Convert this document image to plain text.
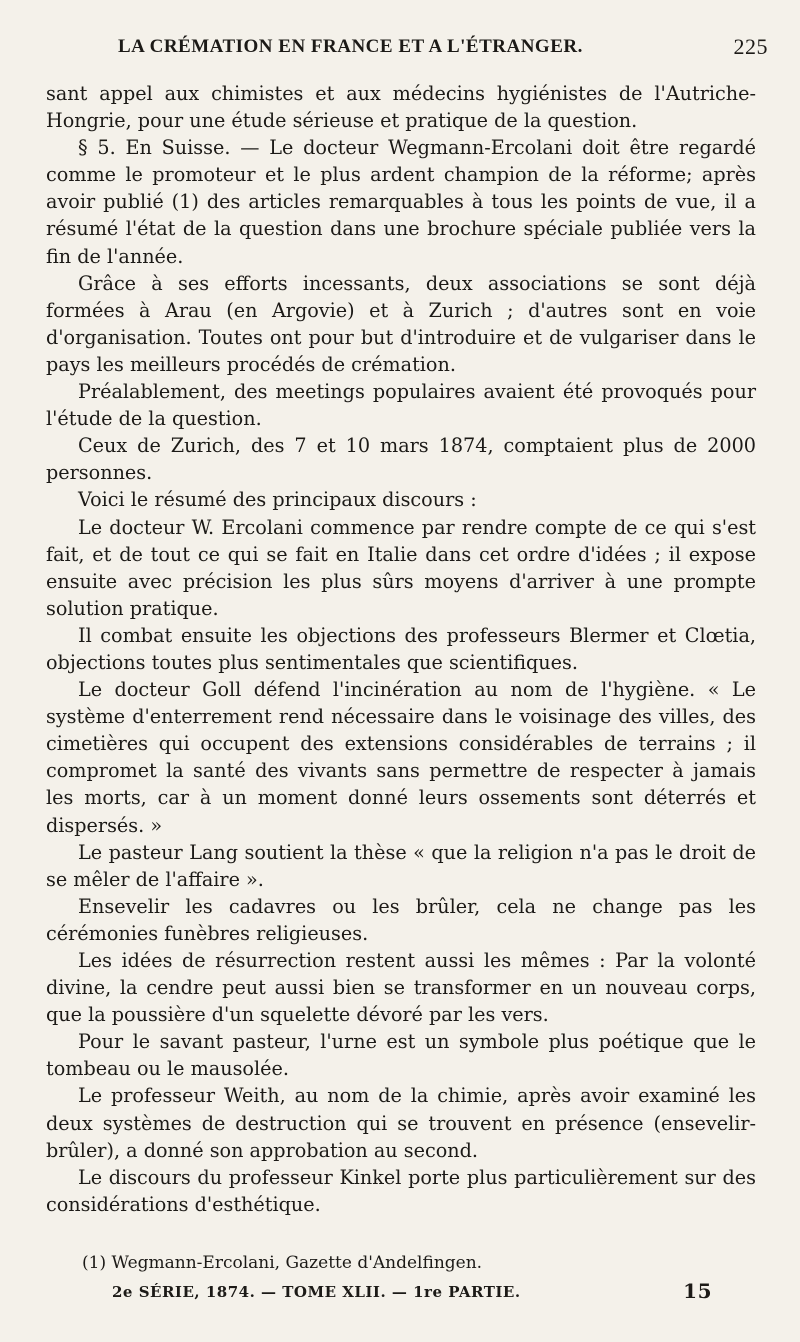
LA CRÉMATION EN FRANCE ET A L'ÉTRANGER.	225

sant appel aux chimistes et aux médecins hygiénistes de l'Autriche-Hongrie, pour une étude sérieuse et pratique de la question.

§ 5. En Suisse. — Le docteur Wegmann-Ercolani doit être regardé comme le promoteur et le plus ardent champion de la réforme; après avoir publié (1) des articles remarquables à tous les points de vue, il a résumé l'état de la question dans une brochure spéciale publiée vers la fin de l'année.

Grâce à ses efforts incessants, deux associations se sont déjà formées à Arau (en Argovie) et à Zurich ; d'autres sont en voie d'organisation. Toutes ont pour but d'introduire et de vulgariser dans le pays les meilleurs procédés de crémation.

Préalablement, des meetings populaires avaient été provoqués pour l'étude de la question.

Ceux de Zurich, des 7 et 10 mars 1874, comptaient plus de 2000 personnes.

Voici le résumé des principaux discours :

Le docteur W. Ercolani commence par rendre compte de ce qui s'est fait, et de tout ce qui se fait en Italie dans cet ordre d'idées ; il expose ensuite avec précision les plus sûrs moyens d'arriver à une prompte solution pratique.

Il combat ensuite les objections des professeurs Blermer et Clœtia, objections toutes plus sentimentales que scientifiques.

Le docteur Goll défend l'incinération au nom de l'hygiène. « Le système d'enterrement rend nécessaire dans le voisinage des villes, des cimetières qui occupent des extensions considérables de terrains ; il compromet la santé des vivants sans permettre de respecter à jamais les morts, car à un moment donné leurs ossements sont déterrés et dispersés. »

Le pasteur Lang soutient la thèse « que la religion n'a pas le droit de se mêler de l'affaire ».

Ensevelir les cadavres ou les brûler, cela ne change pas les cérémonies funèbres religieuses.

Les idées de résurrection restent aussi les mêmes : Par la volonté divine, la cendre peut aussi bien se transformer en un nouveau corps, que la poussière d'un squelette dévoré par les vers.

Pour le savant pasteur, l'urne est un symbole plus poétique que le tombeau ou le mausolée.

Le professeur Weith, au nom de la chimie, après avoir examiné les deux systèmes de destruction qui se trouvent en présence (ensevelir-brûler), a donné son approbation au second.

Le discours du professeur Kinkel porte plus particulièrement sur des considérations d'esthétique.

(1) Wegmann-Ercolani, Gazette d'Andelfingen.
2e SÉRIE, 1874. — TOME XLII. — 1re PARTIE.	15
